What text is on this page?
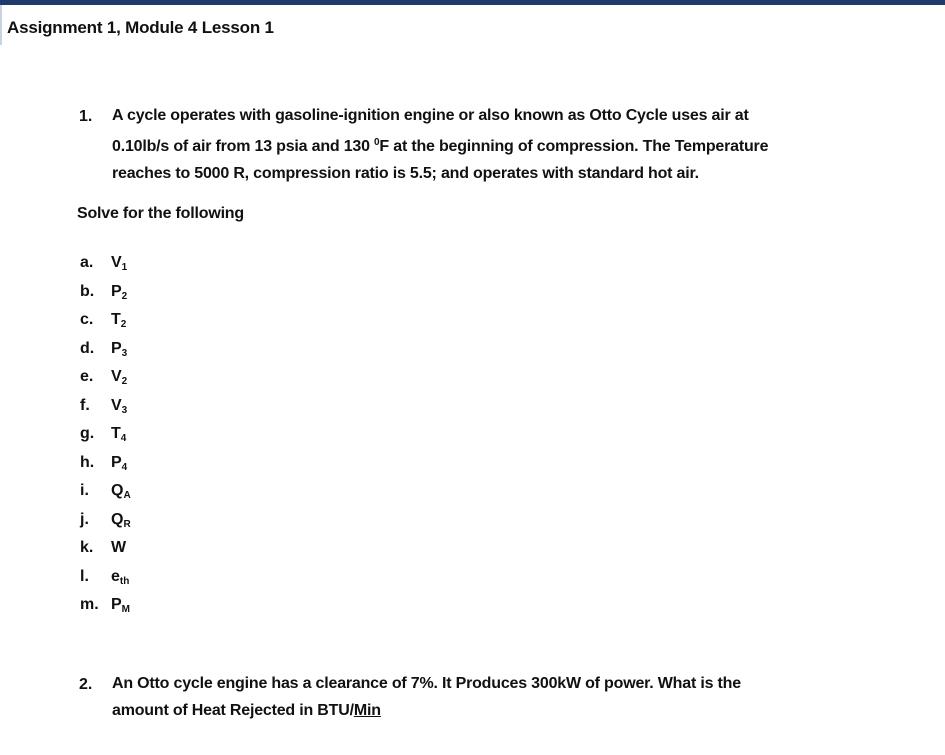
Assignment 1, Module 4 Lesson 1
1. A cycle operates with gasoline-ignition engine or also known as Otto Cycle uses air at
0.10lb/s of air from 13 psia and 130 $^0$F at the beginning of compression. The Temperature
reaches to 5000 R, compression ratio is 5.5; and operates with standard hot air.
Solve for the following
a. $V_1$
b. $P_2$
c. $T_2$
d. $P_3$
e. $V_2$
f. $V_3$
g. $T_4$
h. $P_4$
i. $Q_A$
j. $Q_R$
k. W
l. $e_{th}$
m. $P_M$
2. An Otto cycle engine has a clearance of 7%. It Produces 300kW of power. What is the
amount of Heat Rejected in BTU/Min
